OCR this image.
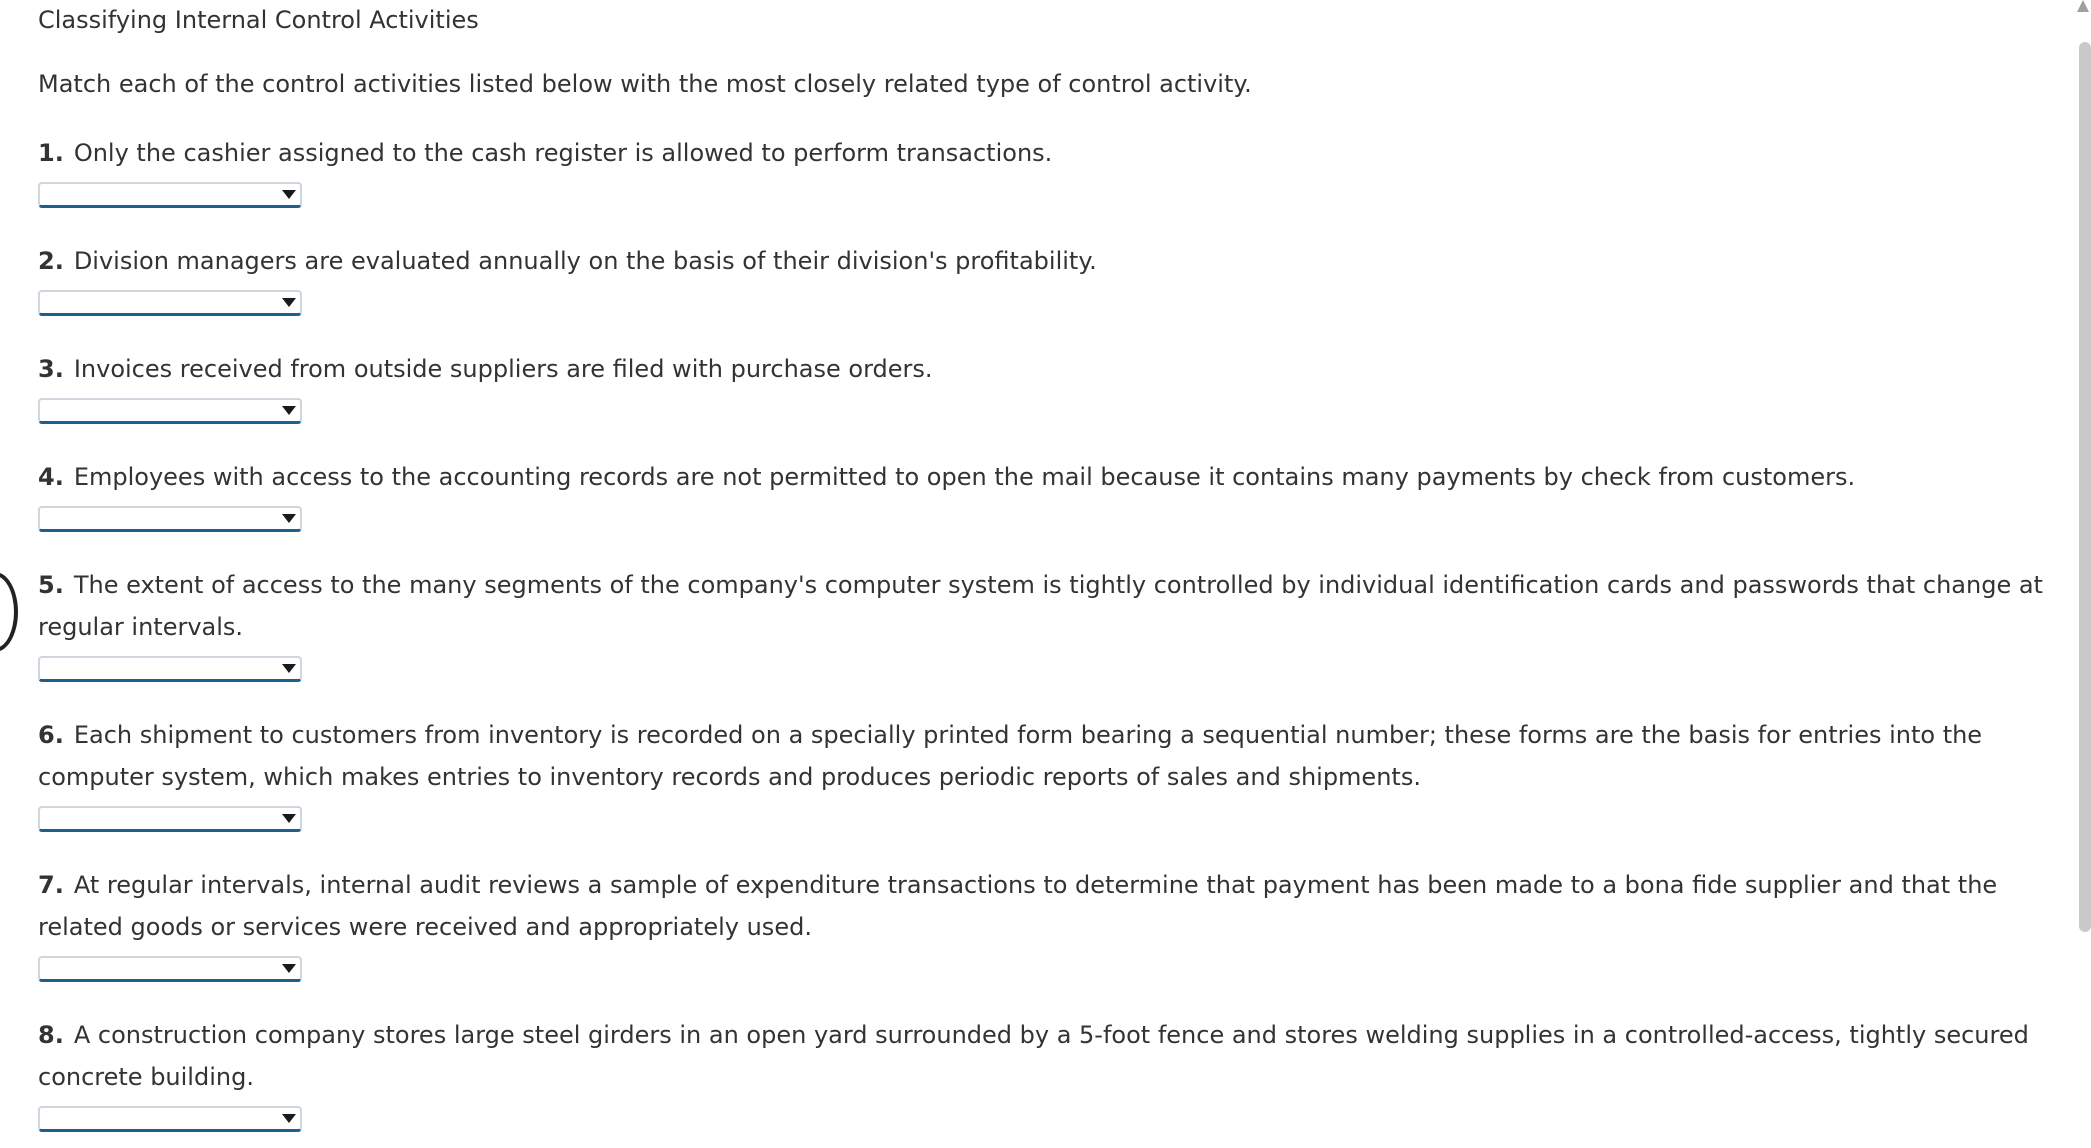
Classifying Internal Control Activities
Match each of the control activities listed below with the most closely related type of control activity.
1. Only the cashier assigned to the cash register is allowed to perform transactions.
2. Division managers are evaluated annually on the basis of their division's profitability.
3. Invoices received from outside suppliers are filed with purchase orders.
4. Employees with access to the accounting records are not permitted to open the mail because it contains many payments by check from customers.
5. The extent of access to the many segments of the company's computer system is tightly controlled by individual identification cards and passwords that change at regular intervals.
6. Each shipment to customers from inventory is recorded on a specially printed form bearing a sequential number; these forms are the basis for entries into the computer system, which makes entries to inventory records and produces periodic reports of sales and shipments.
7. At regular intervals, internal audit reviews a sample of expenditure transactions to determine that payment has been made to a bona fide supplier and that the related goods or services were received and appropriately used.
8. A construction company stores large steel girders in an open yard surrounded by a 5-foot fence and stores welding supplies in a controlled-access, tightly secured concrete building.
